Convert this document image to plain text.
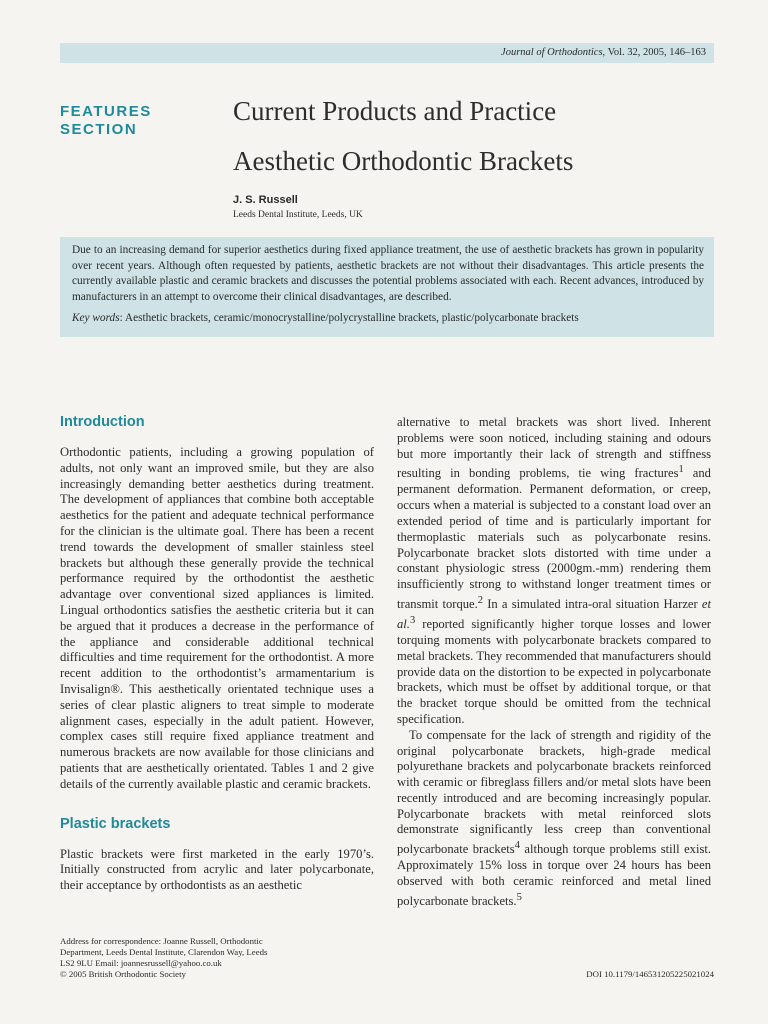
Journal of Orthodontics, Vol. 32, 2005, 146–163
FEATURES
SECTION
Current Products and Practice
Aesthetic Orthodontic Brackets
J. S. Russell
Leeds Dental Institute, Leeds, UK

Due to an increasing demand for superior aesthetics during fixed appliance treatment, the use of aesthetic brackets has grown in popularity over recent years. Although often requested by patients, aesthetic brackets are not without their disadvantages. This article presents the currently available plastic and ceramic brackets and discusses the potential problems associated with each. Recent advances, introduced by manufacturers in an attempt to overcome their clinical disadvantages, are described.

Key words: Aesthetic brackets, ceramic/monocrystalline/polycrystalline brackets, plastic/polycarbonate brackets

Introduction

Orthodontic patients, including a growing population of adults, not only want an improved smile, but they are also increasingly demanding better aesthetics during treatment. The development of appliances that combine both acceptable aesthetics for the patient and adequate technical performance for the clinician is the ultimate goal. There has been a recent trend towards the development of smaller stainless steel brackets but although these generally provide the technical performance required by the orthodontist the aesthetic advantage over conventional sized appliances is limited. Lingual orthodontics satisfies the aesthetic criteria but it can be argued that it produces a decrease in the performance of the appliance and considerable additional technical difficulties and time requirement for the orthodontist. A more recent addition to the orthodontist’s armamentarium is Invisalign®. This aesthetically orientated technique uses a series of clear plastic aligners to treat simple to moderate alignment cases, especially in the adult patient. However, complex cases still require fixed appliance treatment and numerous brackets are now available for those clinicians and patients that are aesthetically orientated. Tables 1 and 2 give details of the currently available plastic and ceramic brackets.

Plastic brackets

Plastic brackets were first marketed in the early 1970’s. Initially constructed from acrylic and later polycarbonate, their acceptance by orthodontists as an aesthetic

alternative to metal brackets was short lived. Inherent problems were soon noticed, including staining and odours but more importantly their lack of strength and stiffness resulting in bonding problems, tie wing fractures$^1$ and permanent deformation. Permanent deformation, or creep, occurs when a material is subjected to a constant load over an extended period of time and is particularly important for thermoplastic materials such as polycarbonate resins. Polycarbonate bracket slots distorted with time under a constant physiologic stress (2000gm.-mm) rendering them insufficiently strong to withstand longer treatment times or transmit torque.$^2$ In a simulated intra-oral situation Harzer et al.$^3$ reported significantly higher torque losses and lower torquing moments with polycarbonate brackets compared to metal brackets. They recommended that manufacturers should provide data on the distortion to be expected in polycarbonate brackets, which must be offset by additional torque, or that the bracket torque should be omitted from the technical specification.

To compensate for the lack of strength and rigidity of the original polycarbonate brackets, high-grade medical polyurethane brackets and polycarbonate brackets reinforced with ceramic or fibreglass fillers and/or metal slots have been recently introduced and are becoming increasingly popular. Polycarbonate brackets with metal reinforced slots demonstrate significantly less creep than conventional polycarbonate brackets$^4$ although torque problems still exist. Approximately 15% loss in torque over 24 hours has been observed with both ceramic reinforced and metal lined polycarbonate brackets.$^5$

Address for correspondence: Joanne Russell, Orthodontic

Department, Leeds Dental Institute, Clarendon Way, Leeds

LS2 9LU Email: joannesrussell@yahoo.co.uk

© 2005 British Orthodontic Society	DOI 10.1179/146531205225021024
